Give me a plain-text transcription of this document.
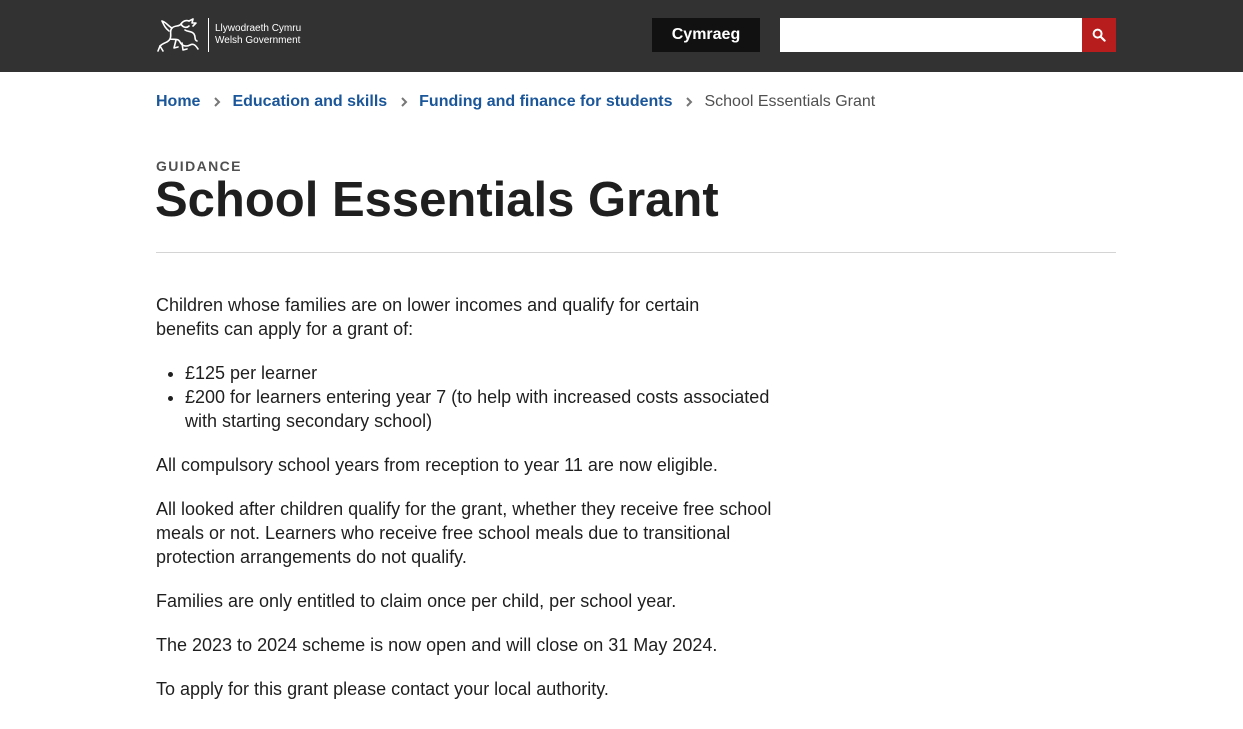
Llywodraeth Cymru
Welsh Government	Cymraeg
Home Education and skills Funding and finance for students School Essentials Grant
GUIDANCE
School Essentials Grant

Children whose families are on lower incomes and qualify for certain benefits can apply for a grant of:

• £125 per learner
• £200 for learners entering year 7 (to help with increased costs associated with starting secondary school)

All compulsory school years from reception to year 11 are now eligible.

All looked after children qualify for the grant, whether they receive free school meals or not. Learners who receive free school meals due to transitional protection arrangements do not qualify.

Families are only entitled to claim once per child, per school year.

The 2023 to 2024 scheme is now open and will close on 31 May 2024.

To apply for this grant please contact your local authority.
